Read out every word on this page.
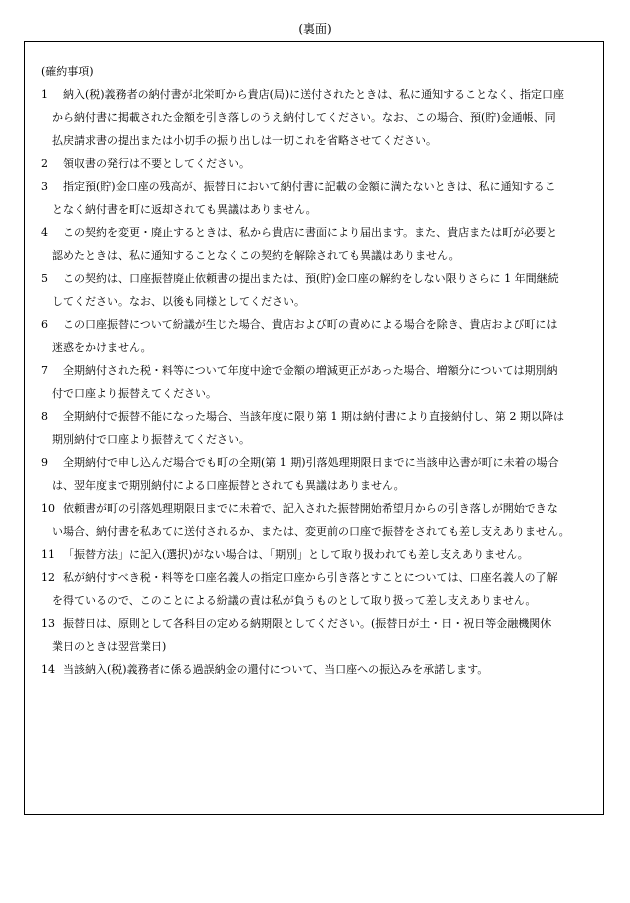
(裏面)
(確約事項)
1 納入(税)義務者の納付書が北栄町から貴店(局)に送付されたときは、私に通知することなく、指定口座
から納付書に掲載された金額を引き落しのうえ納付してください。なお、この場合、預(貯)金通帳、同
払戻請求書の提出または小切手の振り出しは一切これを省略させてください。
2 領収書の発行は不要としてください。
3 指定預(貯)金口座の残高が、振替日において納付書に記載の金額に満たないときは、私に通知するこ
となく納付書を町に返却されても異議はありません。
4 この契約を変更・廃止するときは、私から貴店に書面により届出ます。また、貴店または町が必要と
認めたときは、私に通知することなくこの契約を解除されても異議はありません。
5 この契約は、口座振替廃止依頼書の提出または、預(貯)金口座の解約をしない限りさらに 1 年間継続
してください。なお、以後も同様としてください。
6 この口座振替について紛議が生じた場合、貴店および町の責めによる場合を除き、貴店および町には
迷惑をかけません。
7 全期納付された税・料等について年度中途で金額の増減更正があった場合、増額分については期別納
付で口座より振替えてください。
8 全期納付で振替不能になった場合、当該年度に限り第 1 期は納付書により直接納付し、第 2 期以降は
期別納付で口座より振替えてください。
9 全期納付で申し込んだ場合でも町の全期(第 1 期)引落処理期限日までに当該申込書が町に未着の場合
は、翌年度まで期別納付による口座振替とされても異議はありません。
10 依頼書が町の引落処理期限日までに未着で、記入された振替開始希望月からの引き落しが開始できな
い場合、納付書を私あてに送付されるか、または、変更前の口座で振替をされても差し支えありません。
11 「振替方法」に記入(選択)がない場合は、「期別」として取り扱われても差し支えありません。
12 私が納付すべき税・料等を口座名義人の指定口座から引き落とすことについては、口座名義人の了解
を得ているので、このことによる紛議の責は私が負うものとして取り扱って差し支えありません。
13 振替日は、原則として各科目の定める納期限としてください。(振替日が土・日・祝日等金融機関休
業日のときは翌営業日)
14 当該納入(税)義務者に係る過誤納金の還付について、当口座への振込みを承諾します。
